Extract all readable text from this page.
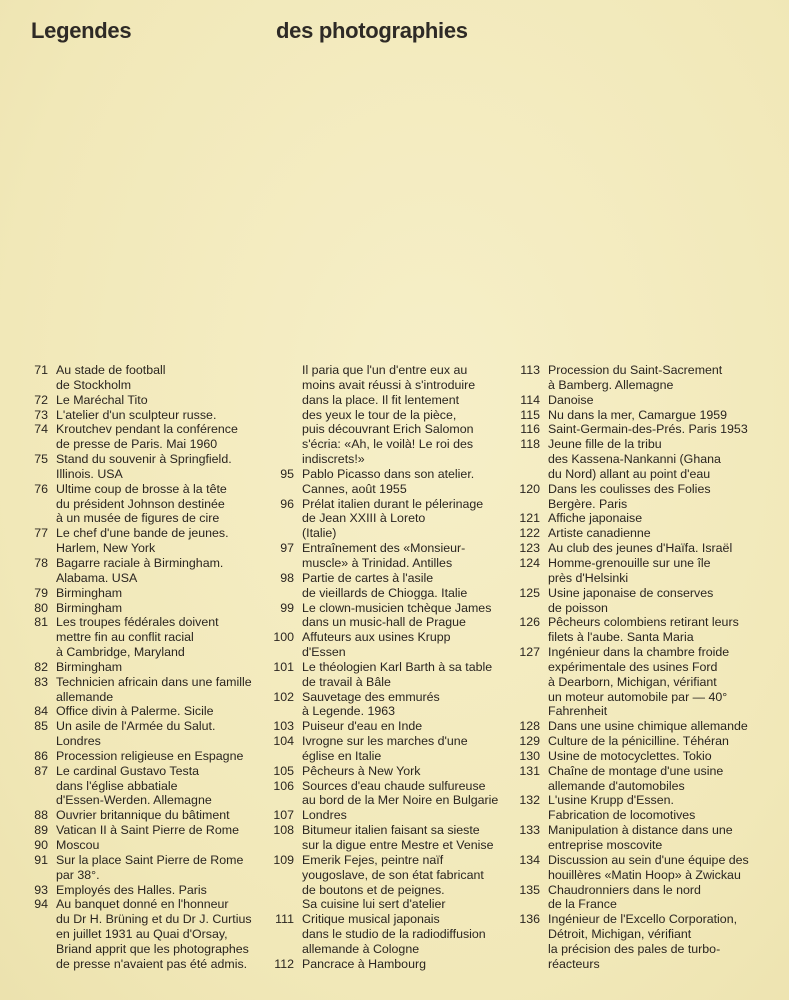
Legendes	des photographies
71 Au stade de football
de Stockholm
72 Le Maréchal Tito
73 L'atelier d'un sculpteur russe.
74 Kroutchev pendant la conférence
de presse de Paris. Mai 1960
75 Stand du souvenir à Springfield.
Illinois. USA
76 Ultime coup de brosse à la tête
du président Johnson destinée
à un musée de figures de cire
77 Le chef d'une bande de jeunes.
Harlem, New York
78 Bagarre raciale à Birmingham.
Alabama. USA
79 Birmingham
80 Birmingham
81 Les troupes fédérales doivent
mettre fin au conflit racial
à Cambridge, Maryland
82 Birmingham
83 Technicien africain dans une famille
allemande
84 Office divin à Palerme. Sicile
85 Un asile de l'Armée du Salut.
Londres
86 Procession religieuse en Espagne
87 Le cardinal Gustavo Testa
dans l'église abbatiale
d'Essen-Werden. Allemagne
88 Ouvrier britannique du bâtiment
89 Vatican II à Saint Pierre de Rome
90 Moscou
91 Sur la place Saint Pierre de Rome
par 38°.
93 Employés des Halles. Paris
94 Au banquet donné en l'honneur
du Dr H. Brüning et du Dr J. Curtius
en juillet 1931 au Quai d'Orsay,
Briand apprit que les photographes
de presse n'avaient pas été admis.
Il paria que l'un d'entre eux au
moins avait réussi à s'introduire
dans la place. Il fit lentement
des yeux le tour de la pièce,
puis découvrant Erich Salomon
s'écria: «Ah, le voilà! Le roi des
indiscrets!»
95 Pablo Picasso dans son atelier.
Cannes, août 1955
96 Prélat italien durant le pélerinage
de Jean XXIII à Loreto
(Italie)
97 Entraînement des «Monsieur-
muscle» à Trinidad. Antilles
98 Partie de cartes à l'asile
de vieillards de Chiogga. Italie
99 Le clown-musicien tchèque James
dans un music-hall de Prague
100 Affuteurs aux usines Krupp
d'Essen
101 Le théologien Karl Barth à sa table
de travail à Bâle
102 Sauvetage des emmurés
à Legende. 1963
103 Puiseur d'eau en Inde
104 Ivrogne sur les marches d'une
église en Italie
105 Pêcheurs à New York
106 Sources d'eau chaude sulfureuse
au bord de la Mer Noire en Bulgarie
107 Londres
108 Bitumeur italien faisant sa sieste
sur la digue entre Mestre et Venise
109 Emerik Fejes, peintre naïf
yougoslave, de son état fabricant
de boutons et de peignes.
Sa cuisine lui sert d'atelier
111 Critique musical japonais
dans le studio de la radiodiffusion
allemande à Cologne
112 Pancrace à Hambourg
113 Procession du Saint-Sacrement
à Bamberg. Allemagne
114 Danoise
115 Nu dans la mer, Camargue 1959
116 Saint-Germain-des-Prés. Paris 1953
118 Jeune fille de la tribu
des Kassena-Nankanni (Ghana
du Nord) allant au point d'eau
120 Dans les coulisses des Folies
Bergère. Paris
121 Affiche japonaise
122 Artiste canadienne
123 Au club des jeunes d'Haïfa. Israël
124 Homme-grenouille sur une île
près d'Helsinki
125 Usine japonaise de conserves
de poisson
126 Pêcheurs colombiens retirant leurs
filets à l'aube. Santa Maria
127 Ingénieur dans la chambre froide
expérimentale des usines Ford
à Dearborn, Michigan, vérifiant
un moteur automobile par — 40°
Fahrenheit
128 Dans une usine chimique allemande
129 Culture de la pénicilline. Téhéran
130 Usine de motocyclettes. Tokio
131 Chaîne de montage d'une usine
allemande d'automobiles
132 L'usine Krupp d'Essen.
Fabrication de locomotives
133 Manipulation à distance dans une
entreprise moscovite
134 Discussion au sein d'une équipe des
houillères «Matin Hoop» à Zwickau
135 Chaudronniers dans le nord
de la France
136 Ingénieur de l'Excello Corporation,
Détroit, Michigan, vérifiant
la précision des pales de turbo-
réacteurs
